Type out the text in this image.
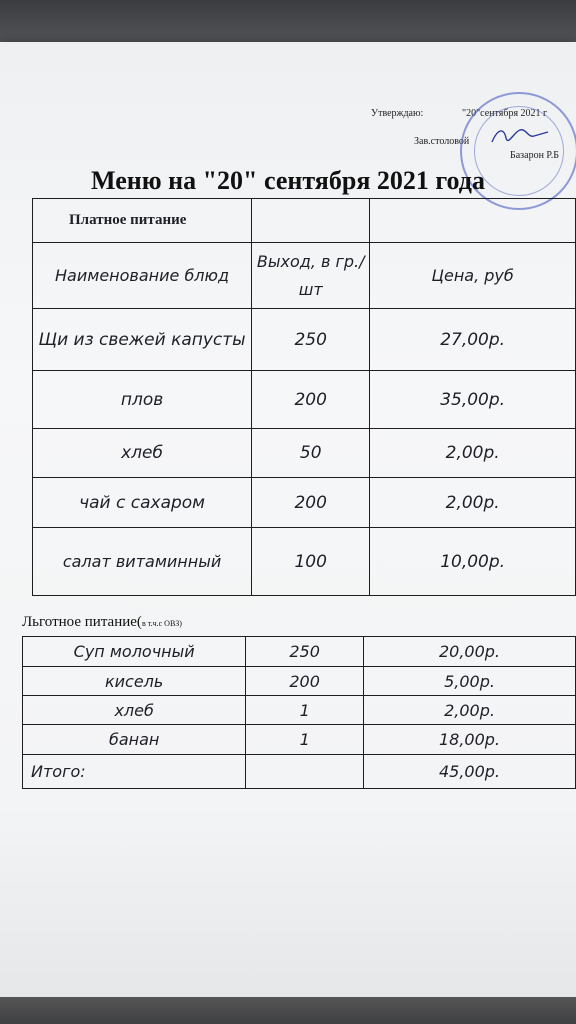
Утверждаю:	"20"сентября 2021 г
Зав.столовой
Базарон Р.Б
Меню на "20" сентября 2021 года
Платное питание		
Наименование блюд	Выход, в гр./шт	Цена, руб
Щи из свежей капусты	250	27,00р.
плов	200	35,00р.
хлеб	50	2,00р.
чай с сахаром	200	2,00р.
салат витаминный	100	10,00р.
Льготное питание(в т.ч.с ОВЗ)
Суп молочный	250	20,00р.
кисель	200	5,00р.
хлеб	1	2,00р.
банан	1	18,00р.
Итого:		45,00р.
